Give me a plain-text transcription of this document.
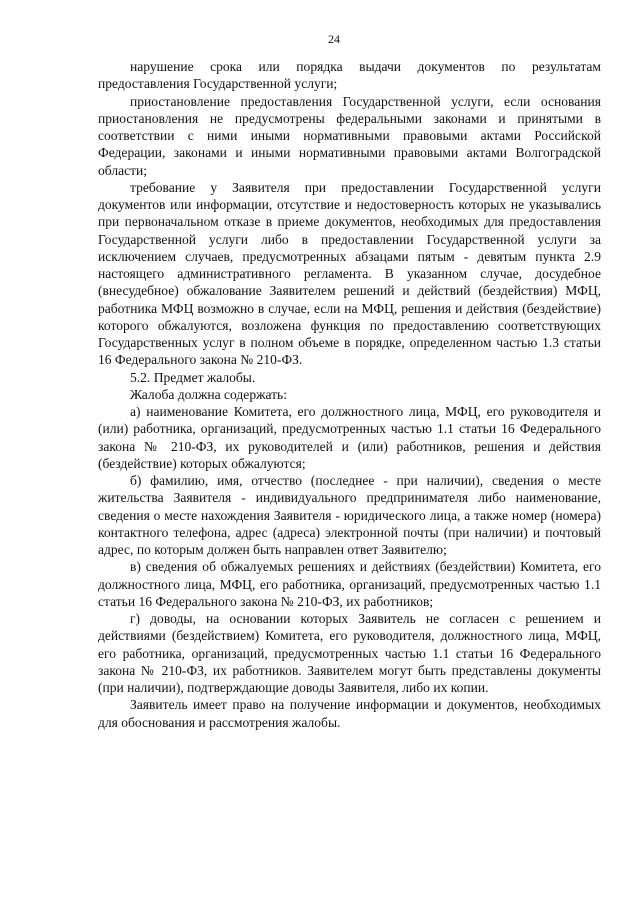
24

нарушение срока или порядка выдачи документов по результатам предоставления Государственной услуги;

приостановление предоставления Государственной услуги, если основания приостановления не предусмотрены федеральными законами и принятыми в соответствии с ними иными нормативными правовыми актами Российской Федерации, законами и иными нормативными правовыми актами Волгоградской области;

требование у Заявителя при предоставлении Государственной услуги документов или информации, отсутствие и недостоверность которых не указывались при первоначальном отказе в приеме документов, необходимых для предоставления Государственной услуги либо в предоставлении Государственной услуги за исключением случаев, предусмотренных абзацами пятым - девятым пункта 2.9 настоящего административного регламента. В указанном случае, досудебное (внесудебное) обжалование Заявителем решений и действий (бездействия) МФЦ, работника МФЦ возможно в случае, если на МФЦ, решения и действия (бездействие) которого обжалуются, возложена функция по предоставлению соответствующих Государственных услуг в полном объеме в порядке, определенном частью 1.3 статьи 16 Федерального закона № 210-ФЗ.

5.2. Предмет жалобы.

Жалоба должна содержать:

а) наименование Комитета, его должностного лица, МФЦ, его руководителя и (или) работника, организаций, предусмотренных частью 1.1 статьи 16 Федерального закона № 210-ФЗ, их руководителей и (или) работников, решения и действия (бездействие) которых обжалуются;

б) фамилию, имя, отчество (последнее - при наличии), сведения о месте жительства Заявителя - индивидуального предпринимателя либо наименование, сведения о месте нахождения Заявителя - юридического лица, а также номер (номера) контактного телефона, адрес (адреса) электронной почты (при наличии) и почтовый адрес, по которым должен быть направлен ответ Заявителю;

в) сведения об обжалуемых решениях и действиях (бездействии) Комитета, его должностного лица, МФЦ, его работника, организаций, предусмотренных частью 1.1 статьи 16 Федерального закона № 210-ФЗ, их работников;

г) доводы, на основании которых Заявитель не согласен с решением и действиями (бездействием) Комитета, его руководителя, должностного лица, МФЦ, его работника, организаций, предусмотренных частью 1.1 статьи 16 Федерального закона № 210-ФЗ, их работников. Заявителем могут быть представлены документы (при наличии), подтверждающие доводы Заявителя, либо их копии.

Заявитель имеет право на получение информации и документов, необходимых для обоснования и рассмотрения жалобы.
